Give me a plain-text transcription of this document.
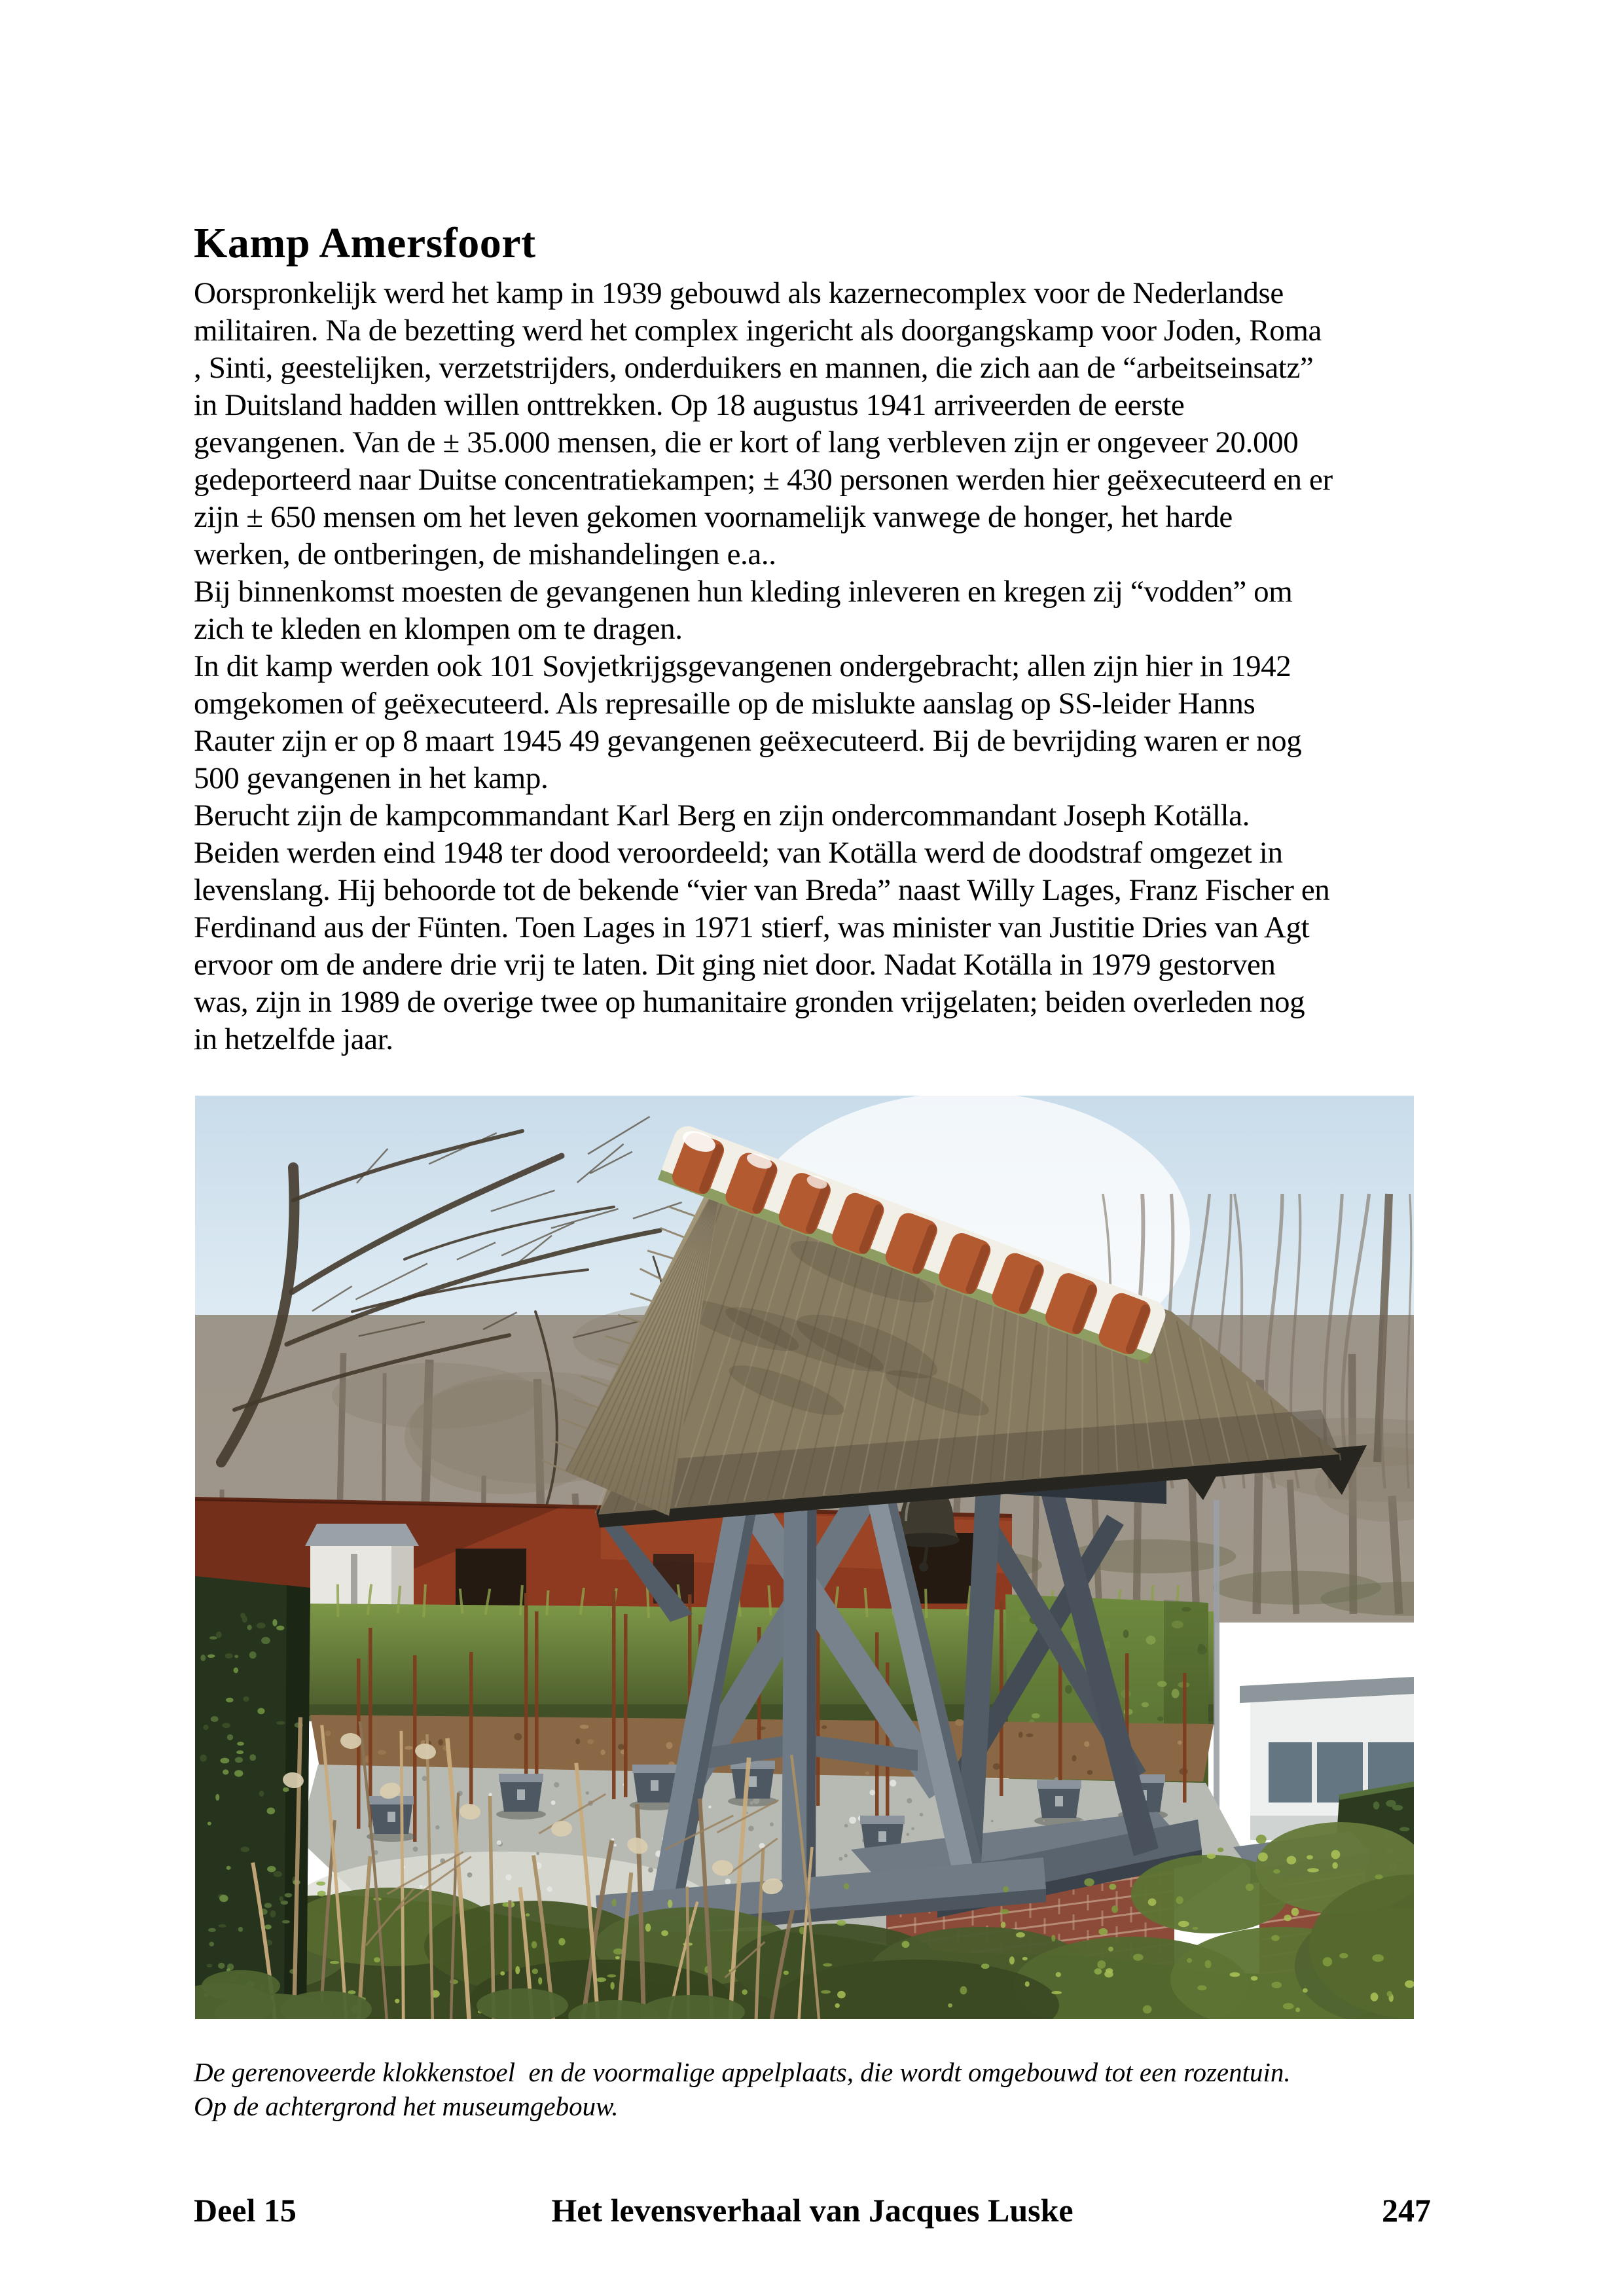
Kamp Amersfoort
Oorspronkelijk werd het kamp in 1939 gebouwd als kazernecomplex voor de Nederlandse
militairen. Na de bezetting werd het complex ingericht als doorgangskamp voor Joden, Roma
, Sinti, geestelijken, verzetstrijders, onderduikers en mannen, die zich aan de “arbeitseinsatz”
in Duitsland hadden willen onttrekken. Op 18 augustus 1941 arriveerden de eerste
gevangenen. Van de ± 35.000 mensen, die er kort of lang verbleven zijn er ongeveer 20.000
gedeporteerd naar Duitse concentratiekampen; ± 430 personen werden hier geëxecuteerd en er
zijn ± 650 mensen om het leven gekomen voornamelijk vanwege de honger, het harde
werken, de ontberingen, de mishandelingen e.a..
Bij binnenkomst moesten de gevangenen hun kleding inleveren en kregen zij “vodden” om
zich te kleden en klompen om te dragen.
In dit kamp werden ook 101 Sovjetkrijgsgevangenen ondergebracht; allen zijn hier in 1942
omgekomen of geëxecuteerd. Als represaille op de mislukte aanslag op SS-leider Hanns
Rauter zijn er op 8 maart 1945 49 gevangenen geëxecuteerd. Bij de bevrijding waren er nog
500 gevangenen in het kamp.
Berucht zijn de kampcommandant Karl Berg en zijn ondercommandant Joseph Kotälla.
Beiden werden eind 1948 ter dood veroordeeld; van Kotälla werd de doodstraf omgezet in
levenslang. Hij behoorde tot de bekende “vier van Breda” naast Willy Lages, Franz Fischer en
Ferdinand aus der Fünten. Toen Lages in 1971 stierf, was minister van Justitie Dries van Agt
ervoor om de andere drie vrij te laten. Dit ging niet door. Nadat Kotälla in 1979 gestorven
was, zijn in 1989 de overige twee op humanitaire gronden vrijgelaten; beiden overleden nog
in hetzelfde jaar.
De gerenoveerde klokkenstoel  en de voormalige appelplaats, die wordt omgebouwd tot een rozentuin.
Op de achtergrond het museumgebouw.
Deel 15	Het levensverhaal van Jacques Luske	247
